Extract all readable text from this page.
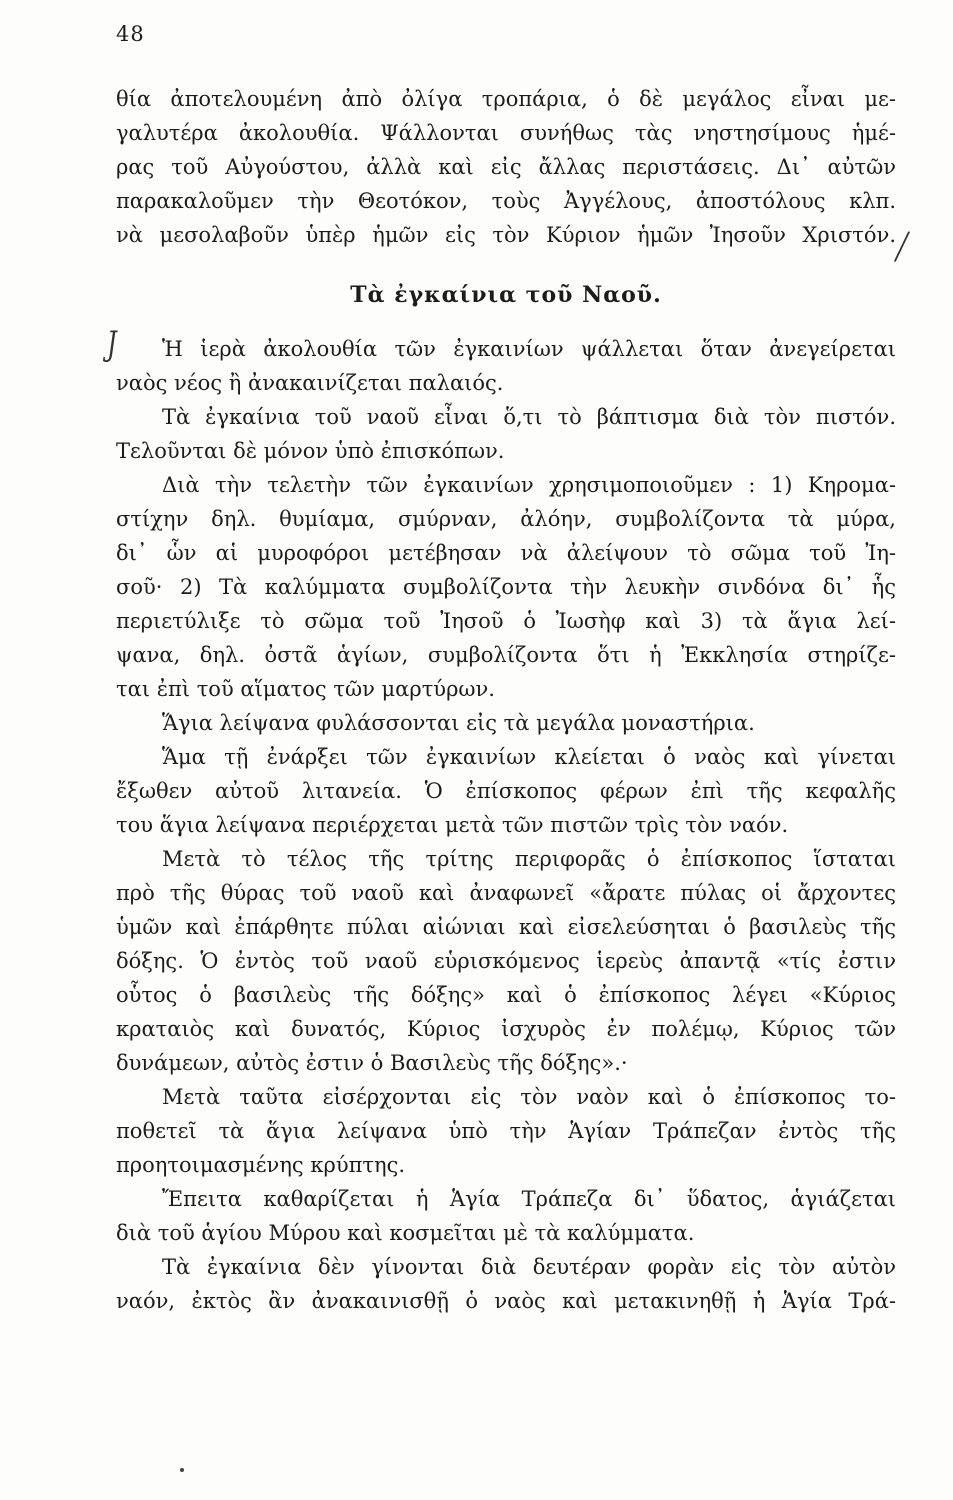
48
θία ἀποτελουμένη ἀπὸ ὀλίγα τροπάρια, ὁ δὲ μεγάλος εἶναι με-
γαλυτέρα ἀκολουθία. Ψάλλονται συνήθως τὰς νηστησίμους ἡμέ-
ρας τοῦ Αὐγούστου, ἀλλὰ καὶ εἰς ἄλλας περιστάσεις. Δι᾽ αὐτῶν
παρακαλοῦμεν τὴν Θεοτόκον, τοὺς Ἀγγέλους, ἀποστόλους κλπ.
νὰ μεσολαβοῦν ὑπὲρ ἡμῶν εἰς τὸν Κύριον ἡμῶν Ἰησοῦν Χριστόν.
Τὰ ἐγκαίνια τοῦ Ναοῦ.
Ἡ ἱερὰ ἀκολουθία τῶν ἐγκαινίων ψάλλεται ὅταν ἀνεγείρεται
ναὸς νέος ἢ ἀνακαινίζεται παλαιός.
Τὰ ἐγκαίνια τοῦ ναοῦ εἶναι ὅ,τι τὸ βάπτισμα διὰ τὸν πιστόν.
Τελοῦνται δὲ μόνον ὑπὸ ἐπισκόπων.
Διὰ τὴν τελετὴν τῶν ἐγκαινίων χρησιμοποιοῦμεν : 1) Κηρομα-
στίχην δηλ. θυμίαμα, σμύρναν, ἀλόην, συμβολίζοντα τὰ μύρα,
δι᾽ ὧν αἱ μυροφόροι μετέβησαν νὰ ἀλείψουν τὸ σῶμα τοῦ Ἰη-
σοῦ· 2) Τὰ καλύμματα συμβολίζοντα τὴν λευκὴν σινδόνα δι᾽ ἧς
περιετύλιξε τὸ σῶμα τοῦ Ἰησοῦ ὁ Ἰωσὴφ καὶ 3) τὰ ἅγια λεί-
ψανα, δηλ. ὀστᾶ ἁγίων, συμβολίζοντα ὅτι ἡ Ἐκκλησία στηρίζε-
ται ἐπὶ τοῦ αἵματος τῶν μαρτύρων.
Ἅγια λείψανα φυλάσσονται εἰς τὰ μεγάλα μοναστήρια.
Ἅμα τῇ ἐνάρξει τῶν ἐγκαινίων κλείεται ὁ ναὸς καὶ γίνεται
ἔξωθεν αὐτοῦ λιτανεία. Ὁ ἐπίσκοπος φέρων ἐπὶ τῆς κεφαλῆς
του ἅγια λείψανα περιέρχεται μετὰ τῶν πιστῶν τρὶς τὸν ναόν.
Μετὰ τὸ τέλος τῆς τρίτης περιφορᾶς ὁ ἐπίσκοπος ἵσταται
πρὸ τῆς θύρας τοῦ ναοῦ καὶ ἀναφωνεῖ «ἄρατε πύλας οἱ ἄρχοντες
ὑμῶν καὶ ἐπάρθητε πύλαι αἰώνιαι καὶ εἰσελεύσηται ὁ βασιλεὺς τῆς
δόξης. Ὁ ἐντὸς τοῦ ναοῦ εὑρισκόμενος ἱερεὺς ἀπαντᾷ «τίς ἐστιν
οὗτος ὁ βασιλεὺς τῆς δόξης» καὶ ὁ ἐπίσκοπος λέγει «Κύριος
κραταιὸς καὶ δυνατός, Κύριος ἰσχυρὸς ἐν πολέμῳ, Κύριος τῶν
δυνάμεων, αὐτὸς ἐστιν ὁ Βασιλεὺς τῆς δόξης».·
Μετὰ ταῦτα εἰσέρχονται εἰς τὸν ναὸν καὶ ὁ ἐπίσκοπος το-
ποθετεῖ τὰ ἅγια λείψανα ὑπὸ τὴν Ἁγίαν Τράπεζαν ἐντὸς τῆς
προητοιμασμένης κρύπτης.
Ἔπειτα καθαρίζεται ἡ Ἁγία Τράπεζα δι᾽ ὕδατος, ἁγιάζεται
διὰ τοῦ ἁγίου Μύρου καὶ κοσμεῖται μὲ τὰ καλύμματα.
Τὰ ἐγκαίνια δὲν γίνονται διὰ δευτέραν φορὰν εἰς τὸν αὐτὸν
ναόν, ἐκτὸς ἂν ἀνακαινισθῇ ὁ ναὸς καὶ μετακινηθῇ ἡ Ἁγία Τρά-
/
J
